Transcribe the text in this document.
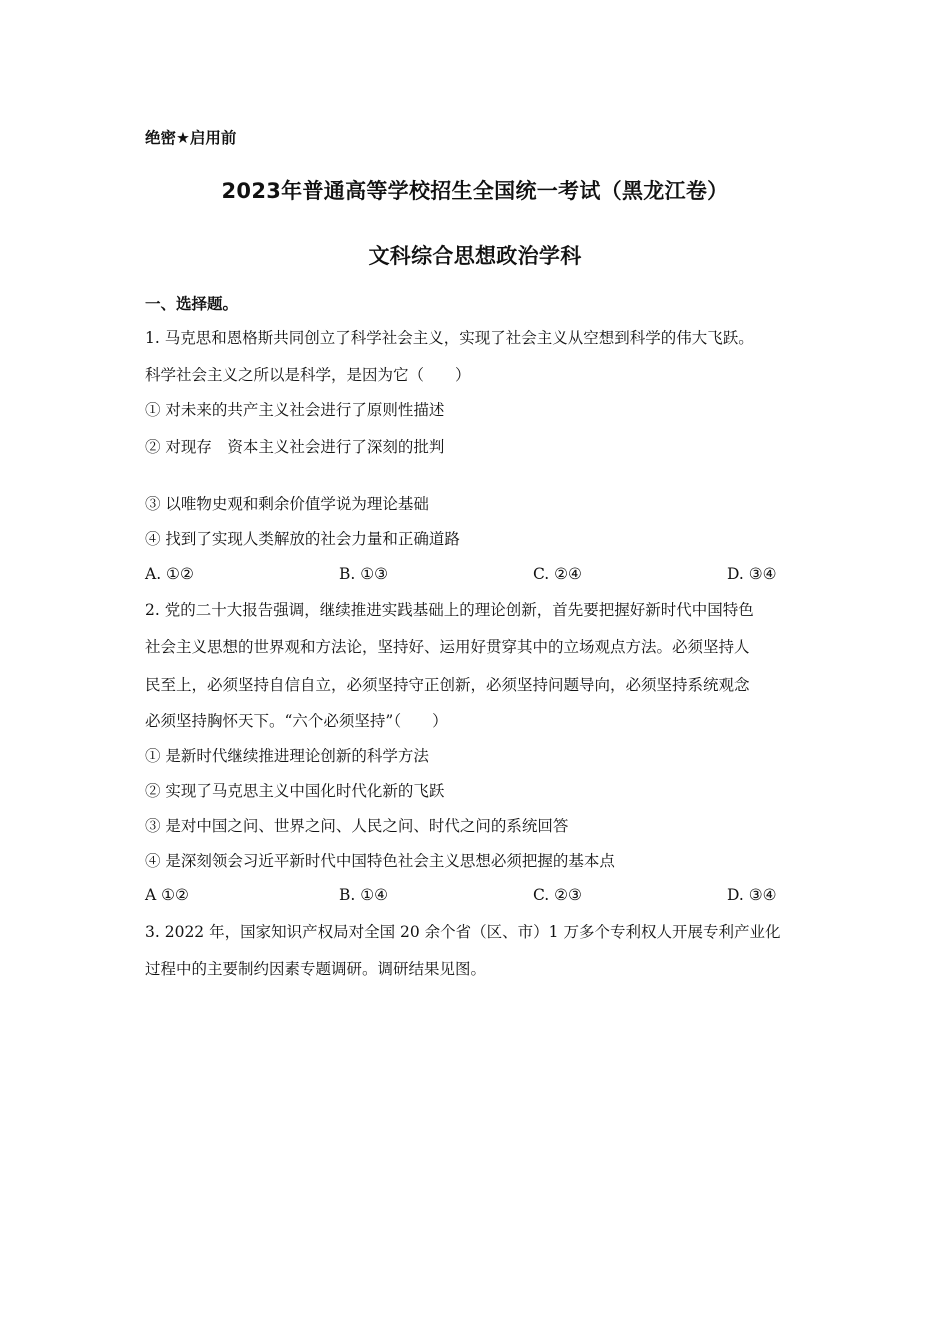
绝密★启用前
2023年普通高等学校招生全国统一考试（黑龙江卷）
文科综合思想政治学科
一、选择题。
1. 马克思和恩格斯共同创立了科学社会主义，实现了社会主义从空想到科学的伟大飞跃。
科学社会主义之所以是科学，是因为它（　　）
① 对未来的共产主义社会进行了原则性描述
② 对现存　资本主义社会进行了深刻的批判
③ 以唯物史观和剩余价值学说为理论基础
④ 找到了实现人类解放的社会力量和正确道路
A. ①②	B. ①③	C. ②④	D. ③④
2. 党的二十大报告强调，继续推进实践基础上的理论创新，首先要把握好新时代中国特色
社会主义思想的世界观和方法论，坚持好、运用好贯穿其中的立场观点方法。必须坚持人
民至上，必须坚持自信自立，必须坚持守正创新，必须坚持问题导向，必须坚持系统观念
必须坚持胸怀天下。“六个必须坚持”（　　）
① 是新时代继续推进理论创新的科学方法
② 实现了马克思主义中国化时代化新的飞跃
③ 是对中国之问、世界之问、人民之问、时代之问的系统回答
④ 是深刻领会习近平新时代中国特色社会主义思想必须把握的基本点
A ①②	B. ①④	C. ②③	D. ③④
3. 2022 年，国家知识产权局对全国 20 余个省（区、市）1 万多个专利权人开展专利产业化
过程中的主要制约因素专题调研。调研结果见图。
